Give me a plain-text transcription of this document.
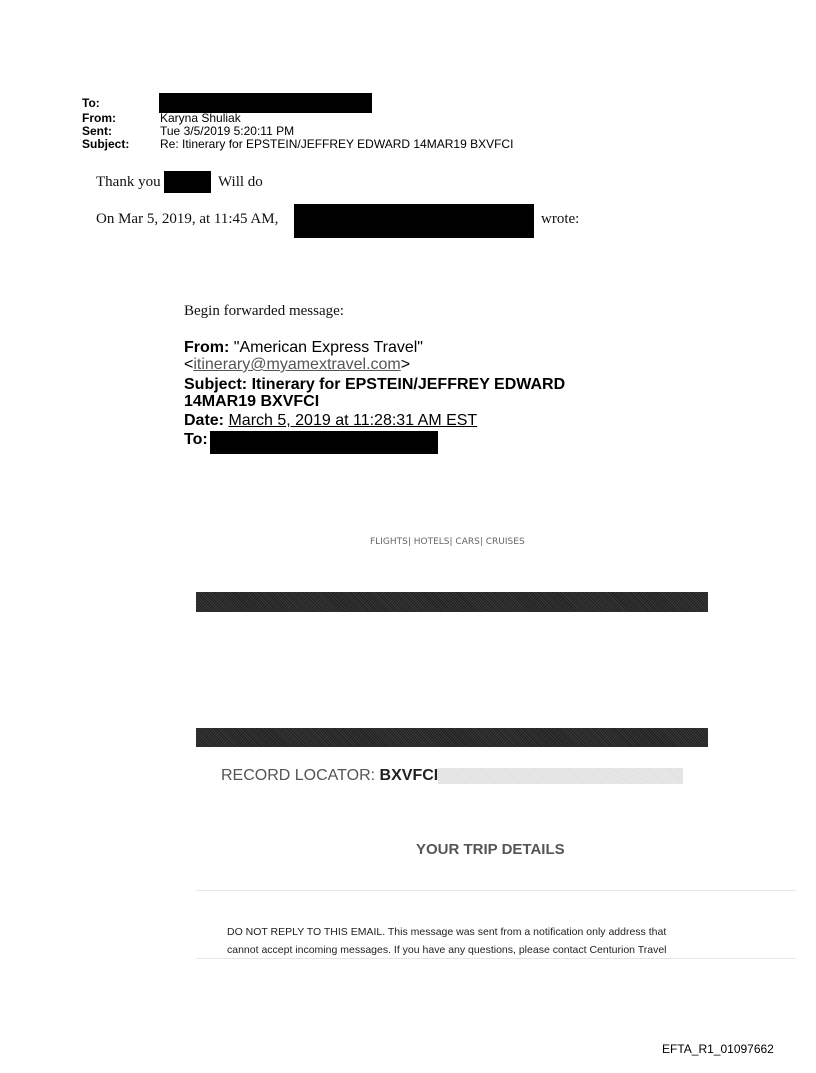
To:
From:	Karyna Shuliak
Sent:	Tue 3/5/2019 5:20:11 PM
Subject:	Re: Itinerary for EPSTEIN/JEFFREY EDWARD 14MAR19 BXVFCI
Thank you	Will do
On Mar 5, 2019, at 11:45 AM,	wrote:
Begin forwarded message:
From: "American Express Travel"
<itinerary@myamextravel.com>
Subject: Itinerary for EPSTEIN/JEFFREY EDWARD
14MAR19 BXVFCI
Date: March 5, 2019 at 11:28:31 AM EST
To:
FLIGHTS| HOTELS| CARS| CRUISES
RECORD LOCATOR: BXVFCI
YOUR TRIP DETAILS
DO NOT REPLY TO THIS EMAIL. This message was sent from a notification only address that
cannot accept incoming messages. If you have any questions, please contact Centurion Travel
EFTA_R1_01097662
